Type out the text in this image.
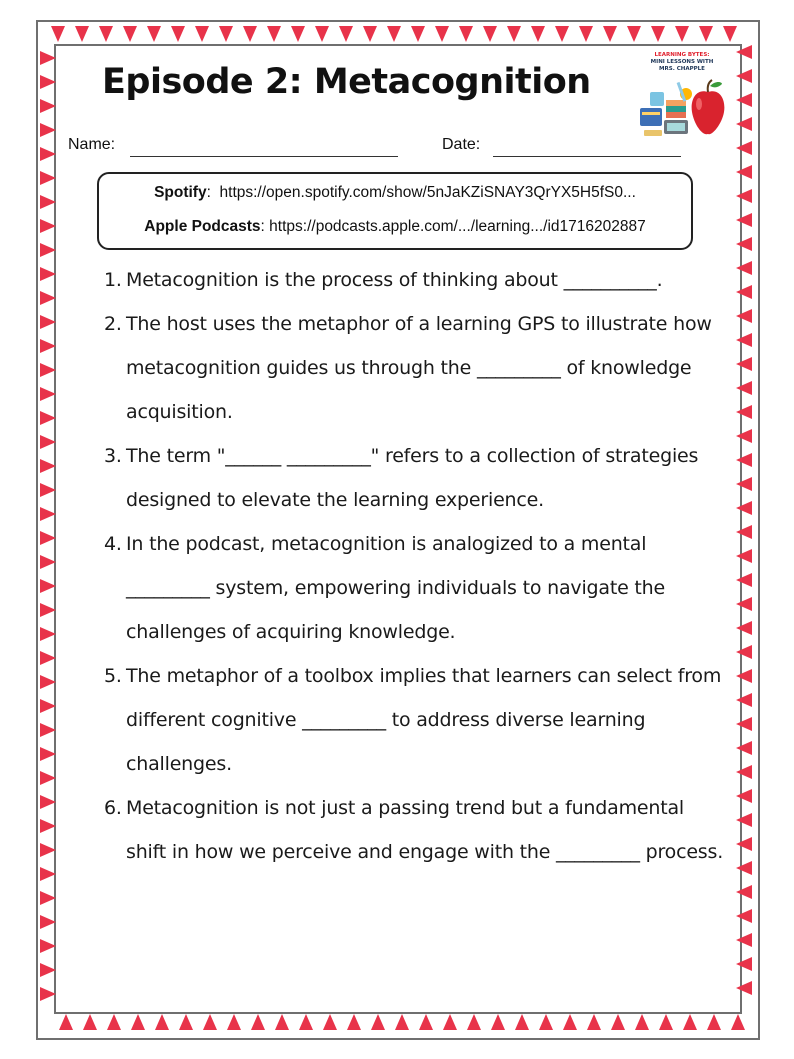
Episode 2: Metacognition
LEARNING BYTES:
MINI LESSONS WITH
MRS. CHAPPLE
Name:	Date:
Spotify:  https://open.spotify.com/show/5nJaKZiSNAY3QrYX5H5fS0...
Apple Podcasts: https://podcasts.apple.com/.../learning.../id1716202887
1. Metacognition is the process of thinking about __________.
2. The host uses the metaphor of a learning GPS to illustrate how metacognition guides us through the _________ of knowledge acquisition.
3. The term "______ _________" refers to a collection of strategies designed to elevate the learning experience.
4. In the podcast, metacognition is analogized to a mental _________ system, empowering individuals to navigate the challenges of acquiring knowledge.
5. The metaphor of a toolbox implies that learners can select from different cognitive _________ to address diverse learning challenges.
6. Metacognition is not just a passing trend but a fundamental shift in how we perceive and engage with the _________ process.
